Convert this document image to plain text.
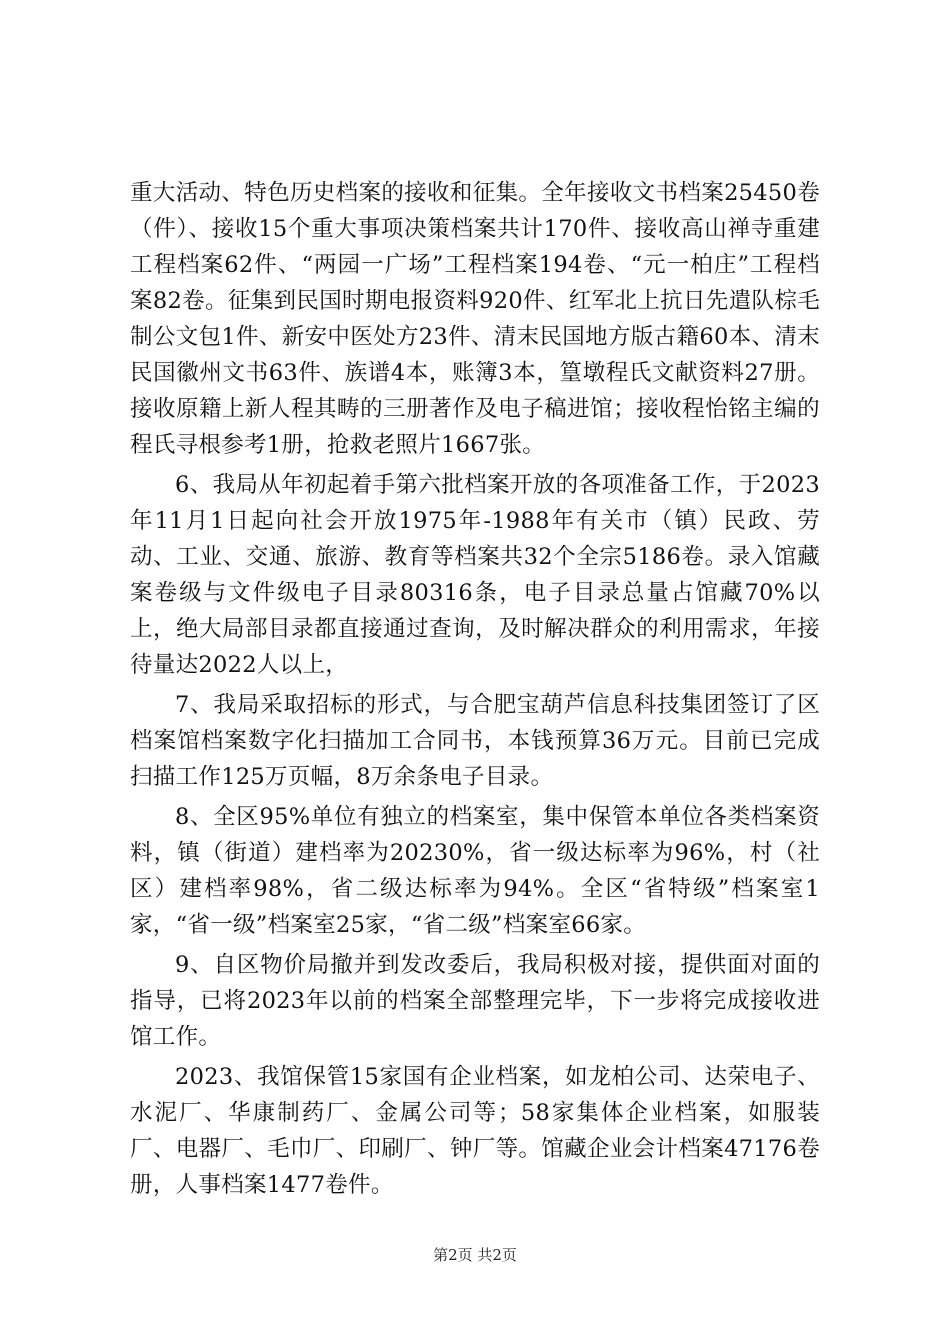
重大活动、特色历史档案的接收和征集。全年接收文书档案25450卷（件）、接收15个重大事项决策档案共计170件、接收高山禅寺重建工程档案62件、“两园一广场”工程档案194卷、“元一柏庄”工程档案82卷。征集到民国时期电报资料920件、红军北上抗日先遣队棕毛制公文包1件、新安中医处方23件、清末民国地方版古籍60本、清末民国徽州文书63件、族谱4本，账簿3本，篁墩程氏文献资料27册。接收原籍上新人程其畴的三册著作及电子稿进馆；接收程怡铭主编的程氏寻根参考1册，抢救老照片1667张。

6、我局从年初起着手第六批档案开放的各项准备工作，于2023年11月1日起向社会开放1975年-1988年有关市（镇）民政、劳动、工业、交通、旅游、教育等档案共32个全宗5186卷。录入馆藏案卷级与文件级电子目录80316条，电子目录总量占馆藏70%以上，绝大局部目录都直接通过查询，及时解决群众的利用需求，年接待量达2022人以上，

7、我局采取招标的形式，与合肥宝葫芦信息科技集团签订了区档案馆档案数字化扫描加工合同书，本钱预算36万元。目前已完成扫描工作125万页幅，8万余条电子目录。

8、全区95%单位有独立的档案室，集中保管本单位各类档案资料，镇（街道）建档率为20230%，省一级达标率为96%，村（社区）建档率98%，省二级达标率为94%。全区“省特级”档案室1家，“省一级”档案室25家，“省二级”档案室66家。

9、自区物价局撤并到发改委后，我局积极对接，提供面对面的指导，已将2023年以前的档案全部整理完毕，下一步将完成接收进馆工作。

2023、我馆保管15家国有企业档案，如龙柏公司、达荣电子、水泥厂、华康制药厂、金属公司等；58家集体企业档案，如服装厂、电器厂、毛巾厂、印刷厂、钟厂等。馆藏企业会计档案47176卷册，人事档案1477卷件。

第2页 共2页
